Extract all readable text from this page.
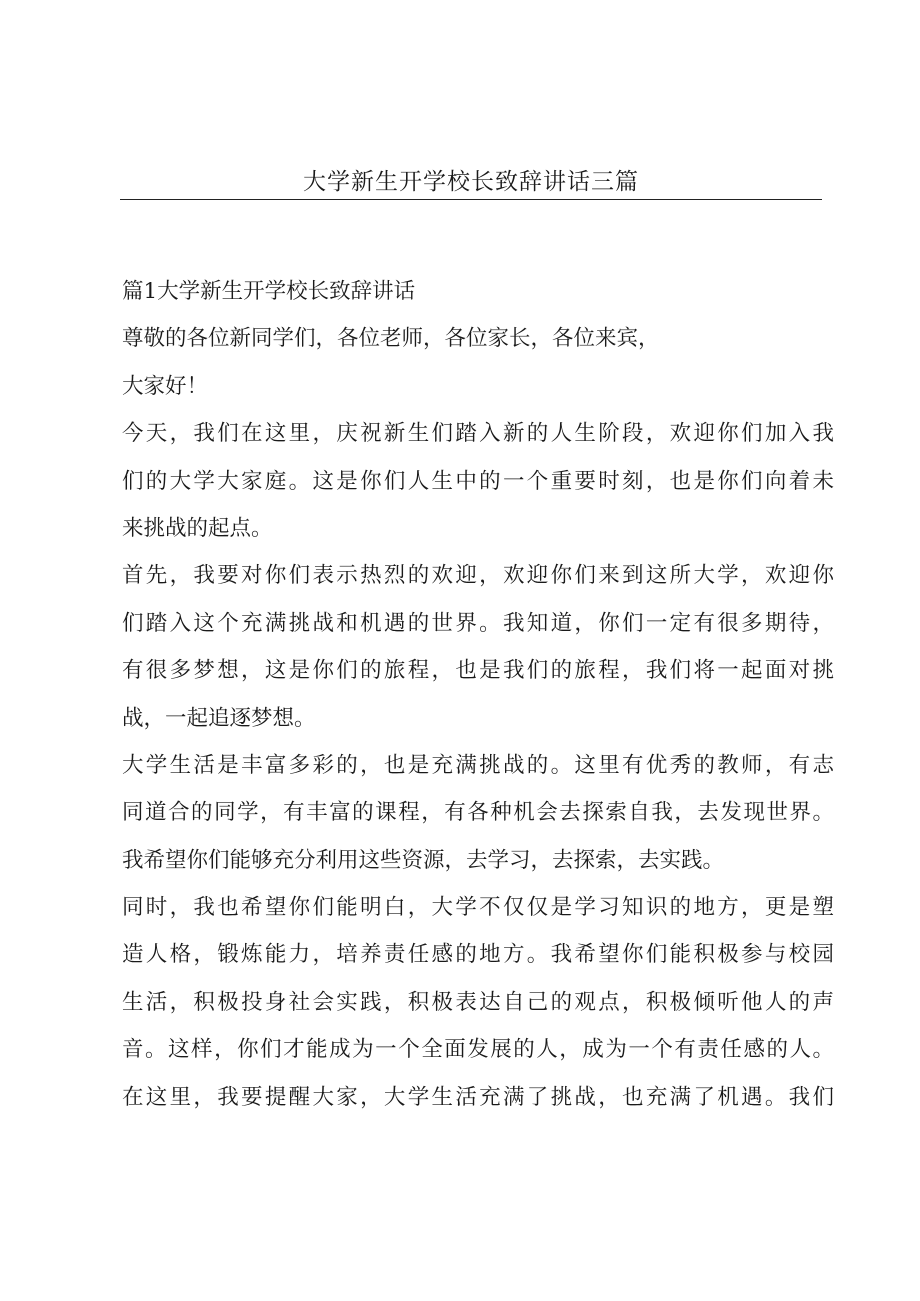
大学新生开学校长致辞讲话三篇
篇1大学新生开学校长致辞讲话
尊敬的各位新同学们，各位老师，各位家长，各位来宾，
大家好！
今天，我们在这里，庆祝新生们踏入新的人生阶段，欢迎你们加入我
们的大学大家庭。这是你们人生中的一个重要时刻，也是你们向着未
来挑战的起点。
首先，我要对你们表示热烈的欢迎，欢迎你们来到这所大学，欢迎你
们踏入这个充满挑战和机遇的世界。我知道，你们一定有很多期待，
有很多梦想，这是你们的旅程，也是我们的旅程，我们将一起面对挑
战，一起追逐梦想。
大学生活是丰富多彩的，也是充满挑战的。这里有优秀的教师，有志
同道合的同学，有丰富的课程，有各种机会去探索自我，去发现世界。
我希望你们能够充分利用这些资源，去学习，去探索，去实践。
同时，我也希望你们能明白，大学不仅仅是学习知识的地方，更是塑
造人格，锻炼能力，培养责任感的地方。我希望你们能积极参与校园
生活，积极投身社会实践，积极表达自己的观点，积极倾听他人的声
音。这样，你们才能成为一个全面发展的人，成为一个有责任感的人。
在这里，我要提醒大家，大学生活充满了挑战，也充满了机遇。我们
